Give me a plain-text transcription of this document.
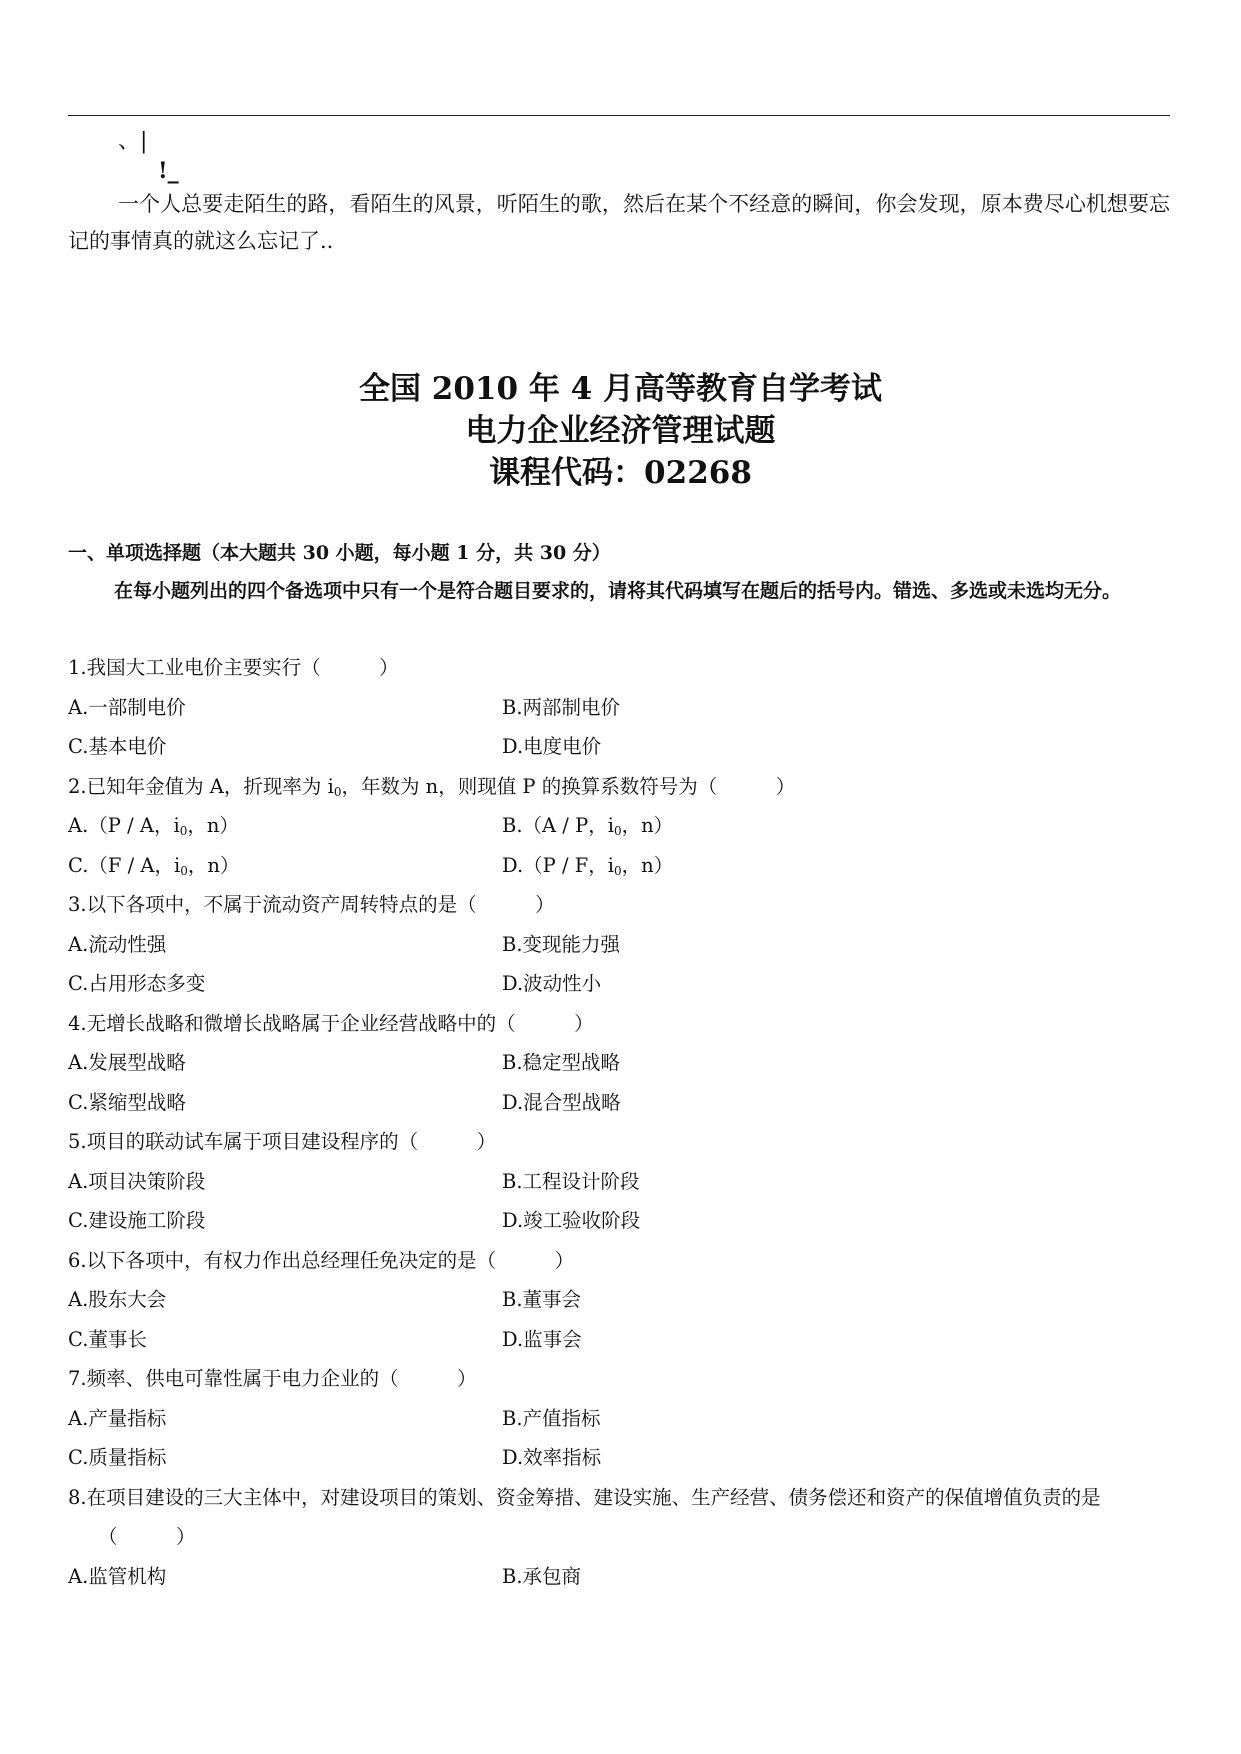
、|
!_
一个人总要走陌生的路，看陌生的风景，听陌生的歌，然后在某个不经意的瞬间，你会发现，原本费尽心机想要忘记的事情真的就这么忘记了..
全国 2010 年 4 月高等教育自学考试
电力企业经济管理试题
课程代码：02268
一、单项选择题（本大题共 30 小题，每小题 1 分，共 30 分）
在每小题列出的四个备选项中只有一个是符合题目要求的，请将其代码填写在题后的括号内。错选、多选或未选均无分。
1.我国大工业电价主要实行（　　　）
A.一部制电价	B.两部制电价
C.基本电价	D.电度电价
2.已知年金值为 A，折现率为 $i_0$，年数为 n，则现值 P 的换算系数符号为（　　　）
A.（P / A，$i_0$，n）	B.（A / P，$i_0$，n）
C.（F / A，$i_0$，n）	D.（P / F，$i_0$，n）
3.以下各项中，不属于流动资产周转特点的是（　　　）
A.流动性强	B.变现能力强
C.占用形态多变	D.波动性小
4.无增长战略和微增长战略属于企业经营战略中的（　　　）
A.发展型战略	B.稳定型战略
C.紧缩型战略	D.混合型战略
5.项目的联动试车属于项目建设程序的（　　　）
A.项目决策阶段	B.工程设计阶段
C.建设施工阶段	D.竣工验收阶段
6.以下各项中，有权力作出总经理任免决定的是（　　　）
A.股东大会	B.董事会
C.董事长	D.监事会
7.频率、供电可靠性属于电力企业的（　　　）
A.产量指标	B.产值指标
C.质量指标	D.效率指标
8.在项目建设的三大主体中，对建设项目的策划、资金筹措、建设实施、生产经营、债务偿还和资产的保值增值负责的是（　　　）
A.监管机构	B.承包商
